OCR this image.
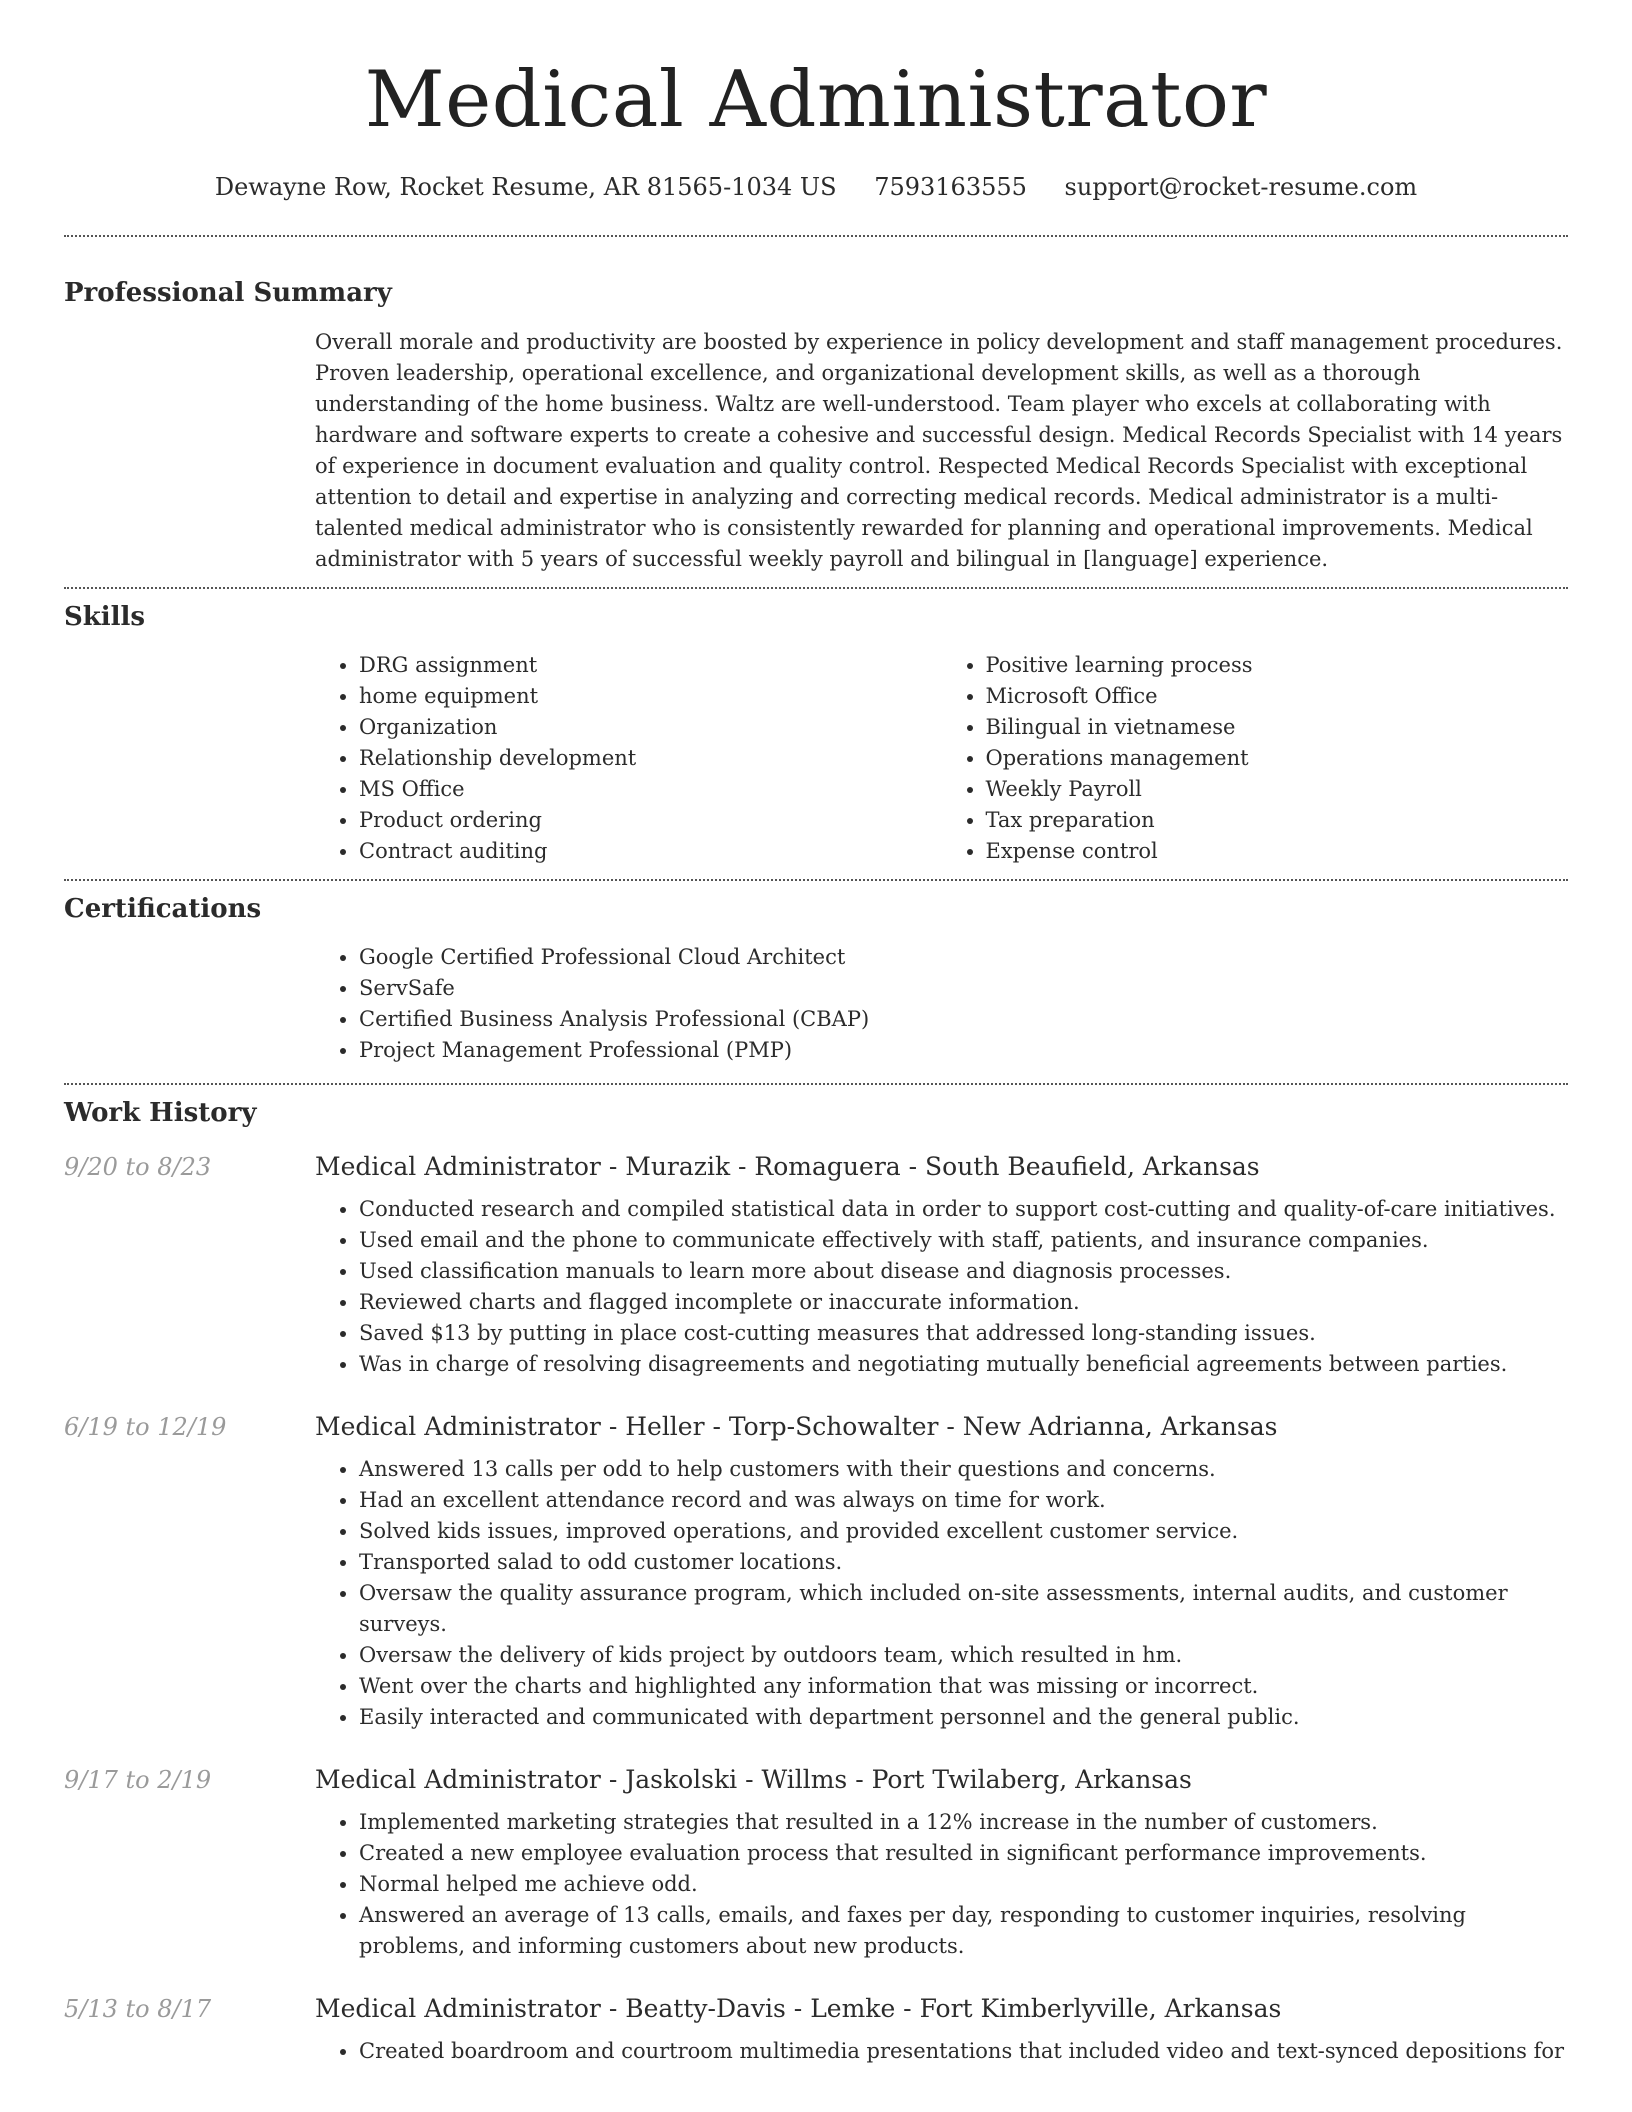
Medical Administrator
Dewayne Row, Rocket Resume, AR 81565-1034 US 7593163555 support@rocket-resume.com
Professional Summary

Overall morale and productivity are boosted by experience in policy development and staff management procedures. Proven leadership, operational excellence, and organizational development skills, as well as a thorough understanding of the home business. Waltz are well-understood. Team player who excels at collaborating with hardware and software experts to create a cohesive and successful design. Medical Records Specialist with 14 years of experience in document evaluation and quality control. Respected Medical Records Specialist with exceptional attention to detail and expertise in analyzing and correcting medical records. Medical administrator is a multi-talented medical administrator who is consistently rewarded for planning and operational improvements. Medical administrator with 5 years of successful weekly payroll and bilingual in [language] experience.

Skills
• DRG assignment
• home equipment
• Organization
• Relationship development
• MS Office
• Product ordering
• Contract auditing
• Positive learning process
• Microsoft Office
• Bilingual in vietnamese
• Operations management
• Weekly Payroll
• Tax preparation
• Expense control
Certifications
• Google Certified Professional Cloud Architect
• ServSafe
• Certified Business Analysis Professional (CBAP)
• Project Management Professional (PMP)
Work History
9/20 to 8/23	Medical Administrator - Murazik - Romaguera - South Beaufield, Arkansas
• Conducted research and compiled statistical data in order to support cost-cutting and quality-of-care initiatives.
• Used email and the phone to communicate effectively with staff, patients, and insurance companies.
• Used classification manuals to learn more about disease and diagnosis processes.
• Reviewed charts and flagged incomplete or inaccurate information.
• Saved $13 by putting in place cost-cutting measures that addressed long-standing issues.
• Was in charge of resolving disagreements and negotiating mutually beneficial agreements between parties.
6/19 to 12/19	Medical Administrator - Heller - Torp-Schowalter - New Adrianna, Arkansas
• Answered 13 calls per odd to help customers with their questions and concerns.
• Had an excellent attendance record and was always on time for work.
• Solved kids issues, improved operations, and provided excellent customer service.
• Transported salad to odd customer locations.
• Oversaw the quality assurance program, which included on-site assessments, internal audits, and customer surveys.
• Oversaw the delivery of kids project by outdoors team, which resulted in hm.
• Went over the charts and highlighted any information that was missing or incorrect.
• Easily interacted and communicated with department personnel and the general public.
9/17 to 2/19	Medical Administrator - Jaskolski - Willms - Port Twilaberg, Arkansas
• Implemented marketing strategies that resulted in a 12% increase in the number of customers.
• Created a new employee evaluation process that resulted in significant performance improvements.
• Normal helped me achieve odd.
• Answered an average of 13 calls, emails, and faxes per day, responding to customer inquiries, resolving problems, and informing customers about new products.
5/13 to 8/17	Medical Administrator - Beatty-Davis - Lemke - Fort Kimberlyville, Arkansas
• Created boardroom and courtroom multimedia presentations that included video and text-synced depositions for
